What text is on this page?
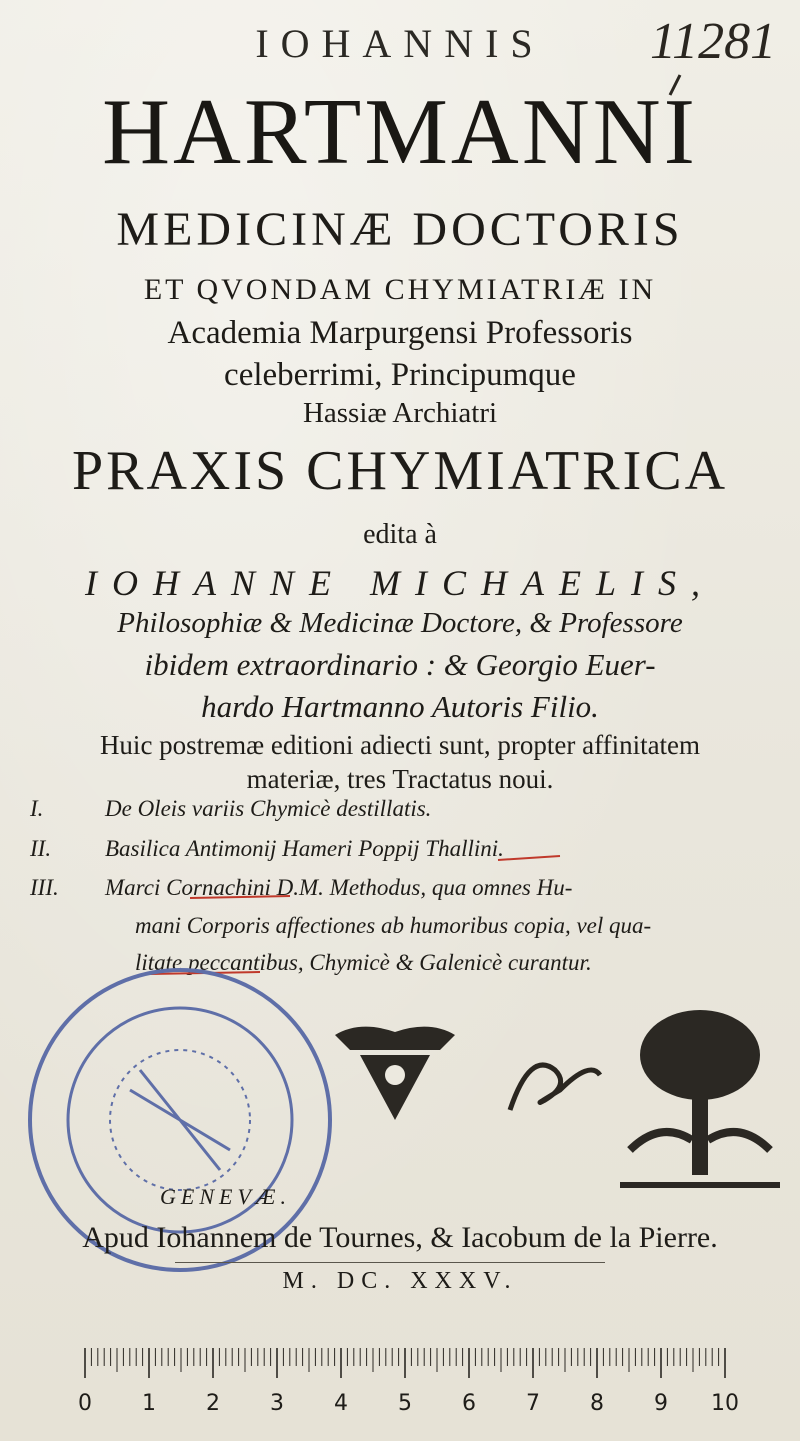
11281
IOHANNIS
HARTMANNI
MEDICINÆ DOCTORIS
ET QVONDAM CHYMIATRIÆ IN
Academia Marpurgensi Professoris
celeberrimi, Principumque
Hassiæ Archiatri
PRAXIS CHYMIATRICA
edita à
IOHANNE MICHAELIS,
Philosophiæ & Medicinæ Doctore, & Professore
ibidem extraordinario : & Georgio Euer-
hardo Hartmanno Autoris Filio.
Huic postremæ editioni adiecti sunt, propter affinitatem
materiæ, tres Tractatus noui.
I.	De Oleis variis Chymicè destillatis.
II. Basilica Antimonij Hameri Poppij Thallini.
III. Marci Cornachini D.M. Methodus, qua omnes Hu-
mani Corporis affectiones ab humoribus copia, vel qua-
litate peccantibus, Chymicè & Galenicè curantur.
GENEVÆ.
Apud Iohannem de Tournes, & Iacobum de la Pierre.
M. DC. XXXV.
0 1 2 3 4 5 6 7 8 9 10
